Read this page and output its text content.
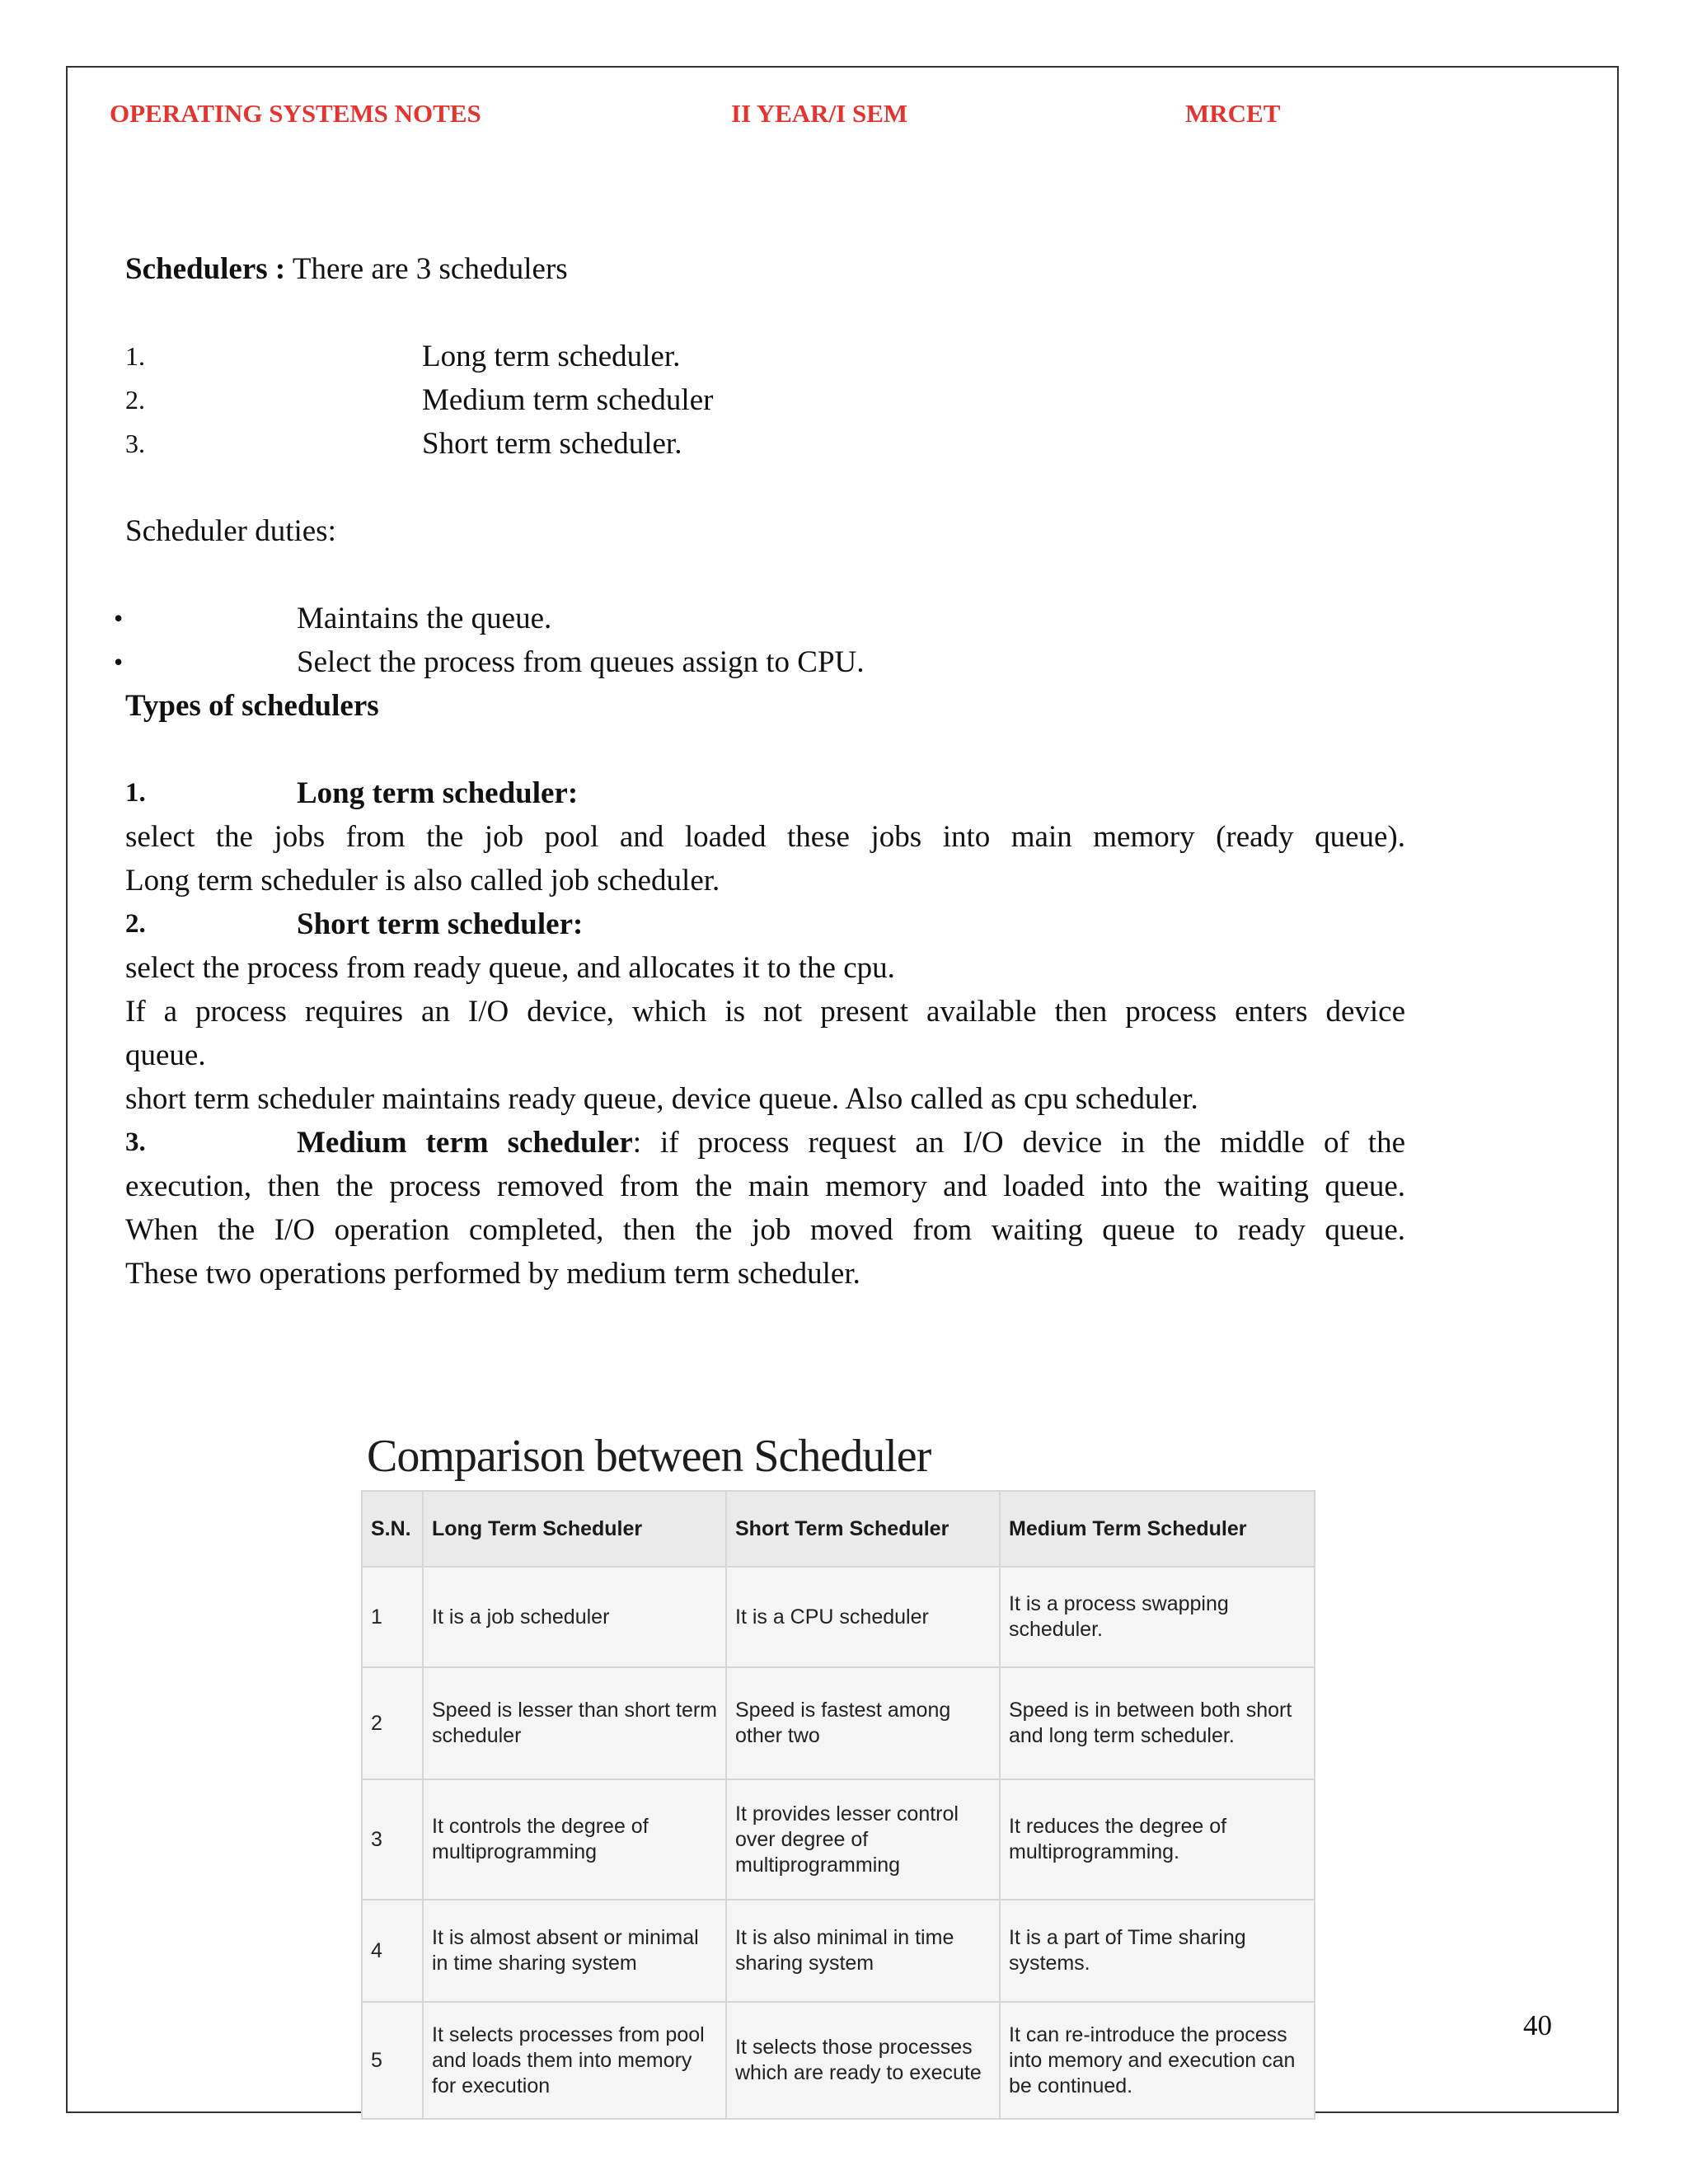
OPERATING SYSTEMS NOTES	II YEAR/I SEM	MRCET
Schedulers : There are 3 schedulers
1.	Long term scheduler.
2.	Medium term scheduler
3.	Short term scheduler.
Scheduler duties:
•	Maintains the queue.
•	Select the process from queues assign to CPU.
Types of schedulers
1.	Long term scheduler:
select the jobs from the job pool and loaded these jobs into main memory (ready queue).
Long term scheduler is also called job scheduler.
2.	Short term scheduler:
select the process from ready queue, and allocates it to the cpu.
If a process requires an I/O device, which is not present available then process enters device
queue.
short term scheduler maintains ready queue, device queue. Also called as cpu scheduler.
3.	Medium term scheduler: if process request an I/O device in the middle of the
execution, then the process removed from the main memory and loaded into the waiting queue.
When the I/O operation completed, then the job moved from waiting queue to ready queue.
These two operations performed by medium term scheduler.
Comparison between Scheduler
S.N.	Long Term Scheduler	Short Term Scheduler	Medium Term Scheduler
1	It is a job scheduler	It is a CPU scheduler	It is a process swapping scheduler.
2	Speed is lesser than short term scheduler	Speed is fastest among other two	Speed is in between both short and long term scheduler.
3	It controls the degree of multiprogramming	It provides lesser control over degree of multiprogramming	It reduces the degree of multiprogramming.
4	It is almost absent or minimal in time sharing system	It is also minimal in time sharing system	It is a part of Time sharing systems.
5	It selects processes from pool and loads them into memory for execution	It selects those processes which are ready to execute	It can re-introduce the process into memory and execution can be continued.
40
